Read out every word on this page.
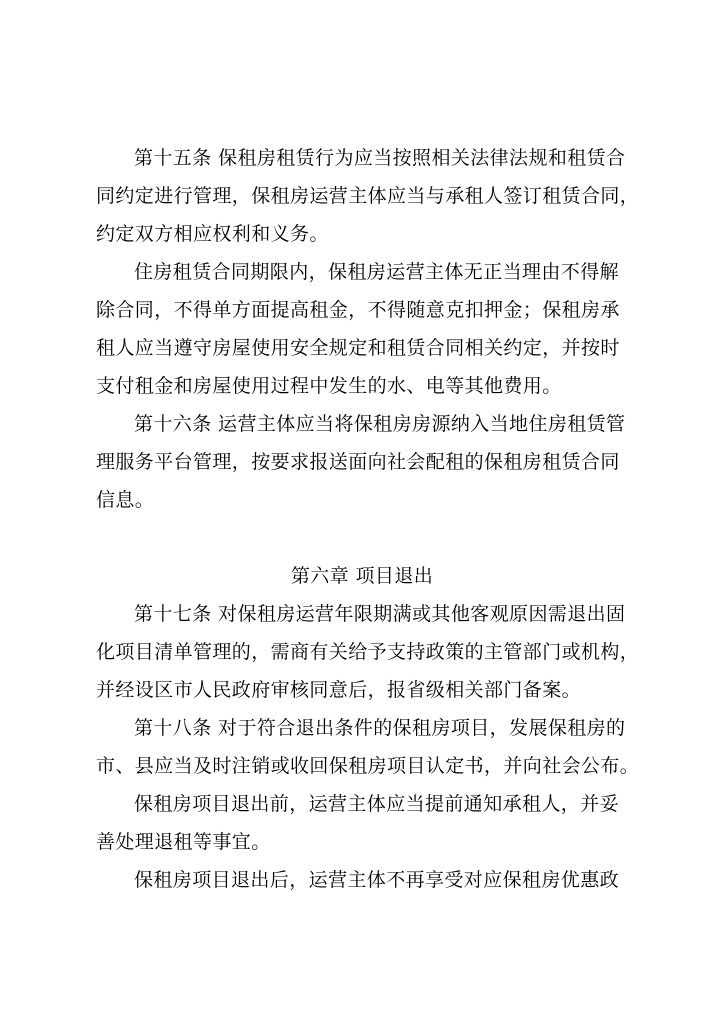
第十五条 保租房租赁行为应当按照相关法律法规和租赁合
同约定进行管理，保租房运营主体应当与承租人签订租赁合同，
约定双方相应权利和义务。
住房租赁合同期限内，保租房运营主体无正当理由不得解
除合同，不得单方面提高租金，不得随意克扣押金；保租房承
租人应当遵守房屋使用安全规定和租赁合同相关约定，并按时
支付租金和房屋使用过程中发生的水、电等其他费用。
第十六条 运营主体应当将保租房房源纳入当地住房租赁管
理服务平台管理，按要求报送面向社会配租的保租房租赁合同
信息。
第六章 项目退出
第十七条 对保租房运营年限期满或其他客观原因需退出固
化项目清单管理的，需商有关给予支持政策的主管部门或机构，
并经设区市人民政府审核同意后，报省级相关部门备案。
第十八条 对于符合退出条件的保租房项目，发展保租房的
市、县应当及时注销或收回保租房项目认定书，并向社会公布。
保租房项目退出前，运营主体应当提前通知承租人，并妥
善处理退租等事宜。
保租房项目退出后，运营主体不再享受对应保租房优惠政
